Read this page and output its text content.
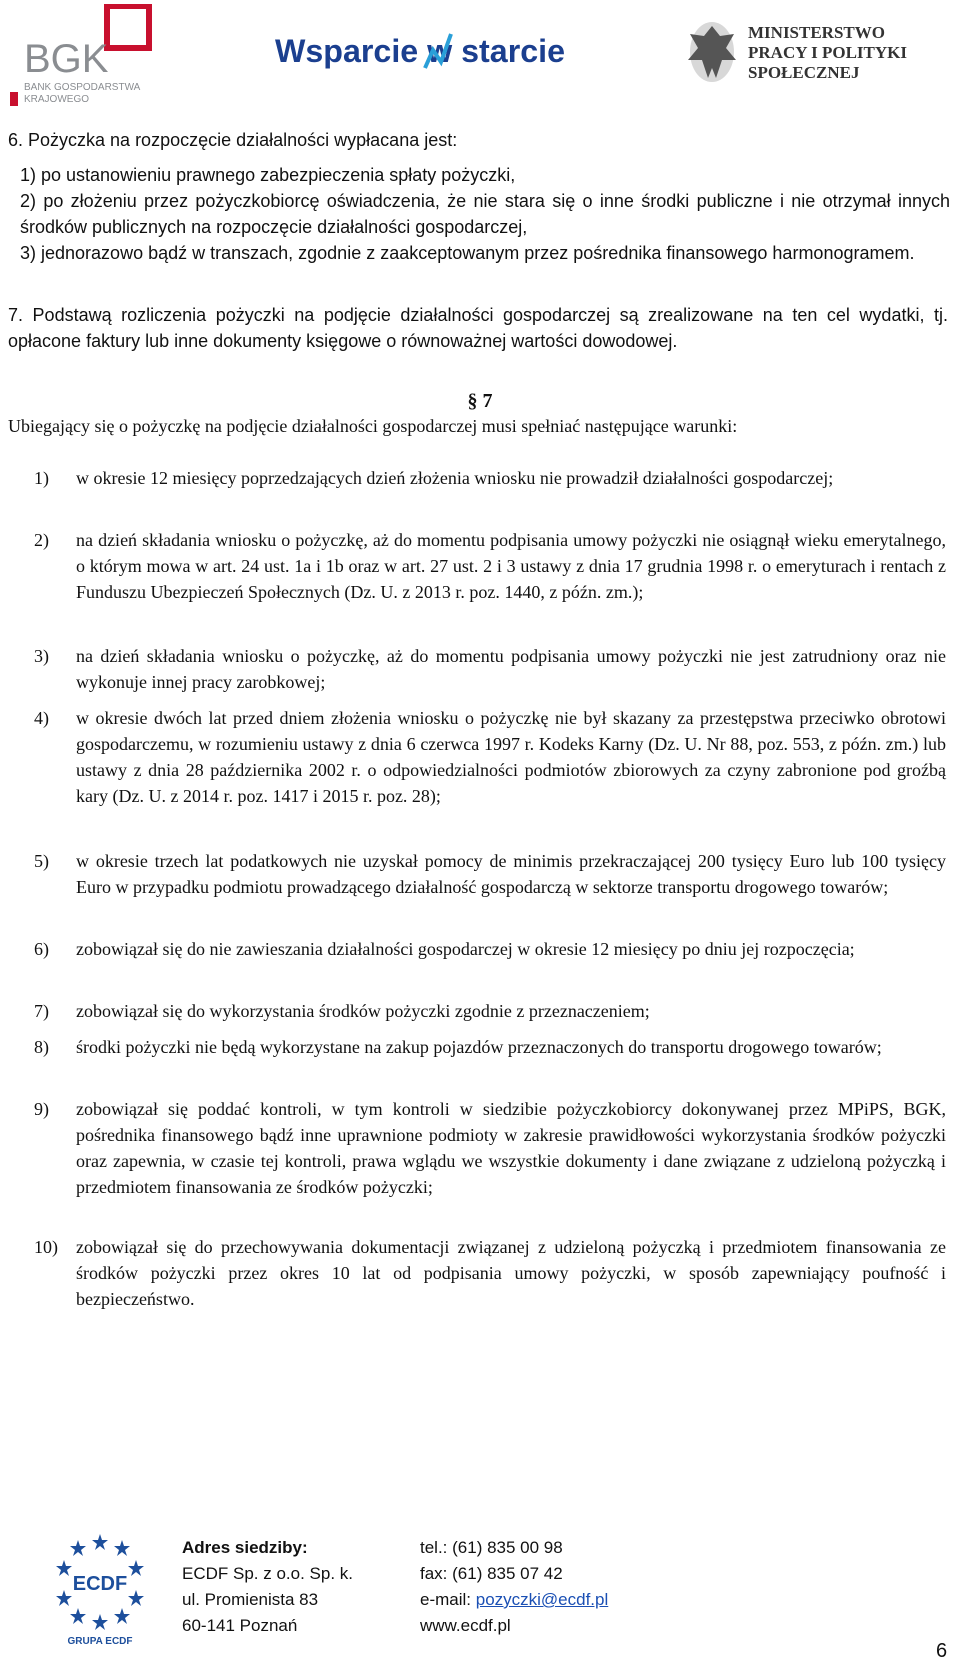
BGK
BANK GOSPODARSTWA
KRAJOWEGO
Wsparcie w starcie
MINISTERSTWO
PRACY I POLITYKI
SPOŁECZNEJ

6. Pożyczka na rozpoczęcie działalności wypłacana jest:

1) po ustanowieniu prawnego zabezpieczenia spłaty pożyczki,

2) po złożeniu przez pożyczkobiorcę oświadczenia, że nie stara się o inne środki publiczne i nie otrzymał innych środków publicznych na rozpoczęcie działalności gospodarczej,

3) jednorazowo bądź w transzach, zgodnie z zaakceptowanym przez pośrednika finansowego harmonogramem.

7. Podstawą rozliczenia pożyczki na podjęcie działalności gospodarczej są zrealizowane na ten cel wydatki, tj. opłacone faktury lub inne dokumenty księgowe o równoważnej wartości dowodowej.

§ 7

Ubiegający się o pożyczkę na podjęcie działalności gospodarczej musi spełniać następujące warunki:

1) w okresie 12 miesięcy poprzedzających dzień złożenia wniosku nie prowadził działalności gospodarczej;

2) na dzień składania wniosku o pożyczkę, aż do momentu podpisania umowy pożyczki nie osiągnął wieku emerytalnego, o którym mowa w art. 24 ust. 1a i 1b oraz w art. 27 ust. 2 i 3 ustawy z dnia 17 grudnia 1998 r. o emeryturach i rentach z Funduszu Ubezpieczeń Społecznych (Dz. U. z 2013 r. poz. 1440, z późn. zm.);

3) na dzień składania wniosku o pożyczkę, aż do momentu podpisania umowy pożyczki nie jest zatrudniony oraz nie wykonuje innej pracy zarobkowej;

4) w okresie dwóch lat przed dniem złożenia wniosku o pożyczkę nie był skazany za przestępstwa przeciwko obrotowi gospodarczemu, w rozumieniu ustawy z dnia 6 czerwca 1997 r. Kodeks Karny (Dz. U. Nr 88, poz. 553, z późn. zm.) lub ustawy z dnia 28 października 2002 r. o odpowiedzialności podmiotów zbiorowych za czyny zabronione pod groźbą kary (Dz. U. z 2014 r. poz. 1417 i 2015 r. poz. 28);

5) w okresie trzech lat podatkowych nie uzyskał pomocy de minimis przekraczającej 200 tysięcy Euro lub 100 tysięcy Euro w przypadku podmiotu prowadzącego działalność gospodarczą w sektorze transportu drogowego towarów;

6) zobowiązał się do nie zawieszania działalności gospodarczej w okresie 12 miesięcy po dniu jej rozpoczęcia;

7) zobowiązał się do wykorzystania środków pożyczki zgodnie z przeznaczeniem;

8) środki pożyczki nie będą wykorzystane na zakup pojazdów przeznaczonych do transportu drogowego towarów;

9) zobowiązał się poddać kontroli, w tym kontroli w siedzibie pożyczkobiorcy dokonywanej przez MPiPS, BGK, pośrednika finansowego bądź inne uprawnione podmioty w zakresie prawidłowości wykorzystania środków pożyczki oraz zapewnia, w czasie tej kontroli, prawa wglądu we wszystkie dokumenty i dane związane z udzieloną pożyczką i przedmiotem finansowania ze środków pożyczki;

10) zobowiązał się do przechowywania dokumentacji związanej z udzieloną pożyczką i przedmiotem finansowania ze środków pożyczki przez okres 10 lat od podpisania umowy pożyczki, w sposób zapewniający poufność i bezpieczeństwo.

ECDF
GRUPA ECDF
Adres siedziby:
ECDF Sp. z o.o. Sp. k.
ul. Promienista 83
60-141 Poznań
tel.: (61) 835 00 98
fax: (61) 835 07 42
e-mail: pozyczki@ecdf.pl
www.ecdf.pl
6
